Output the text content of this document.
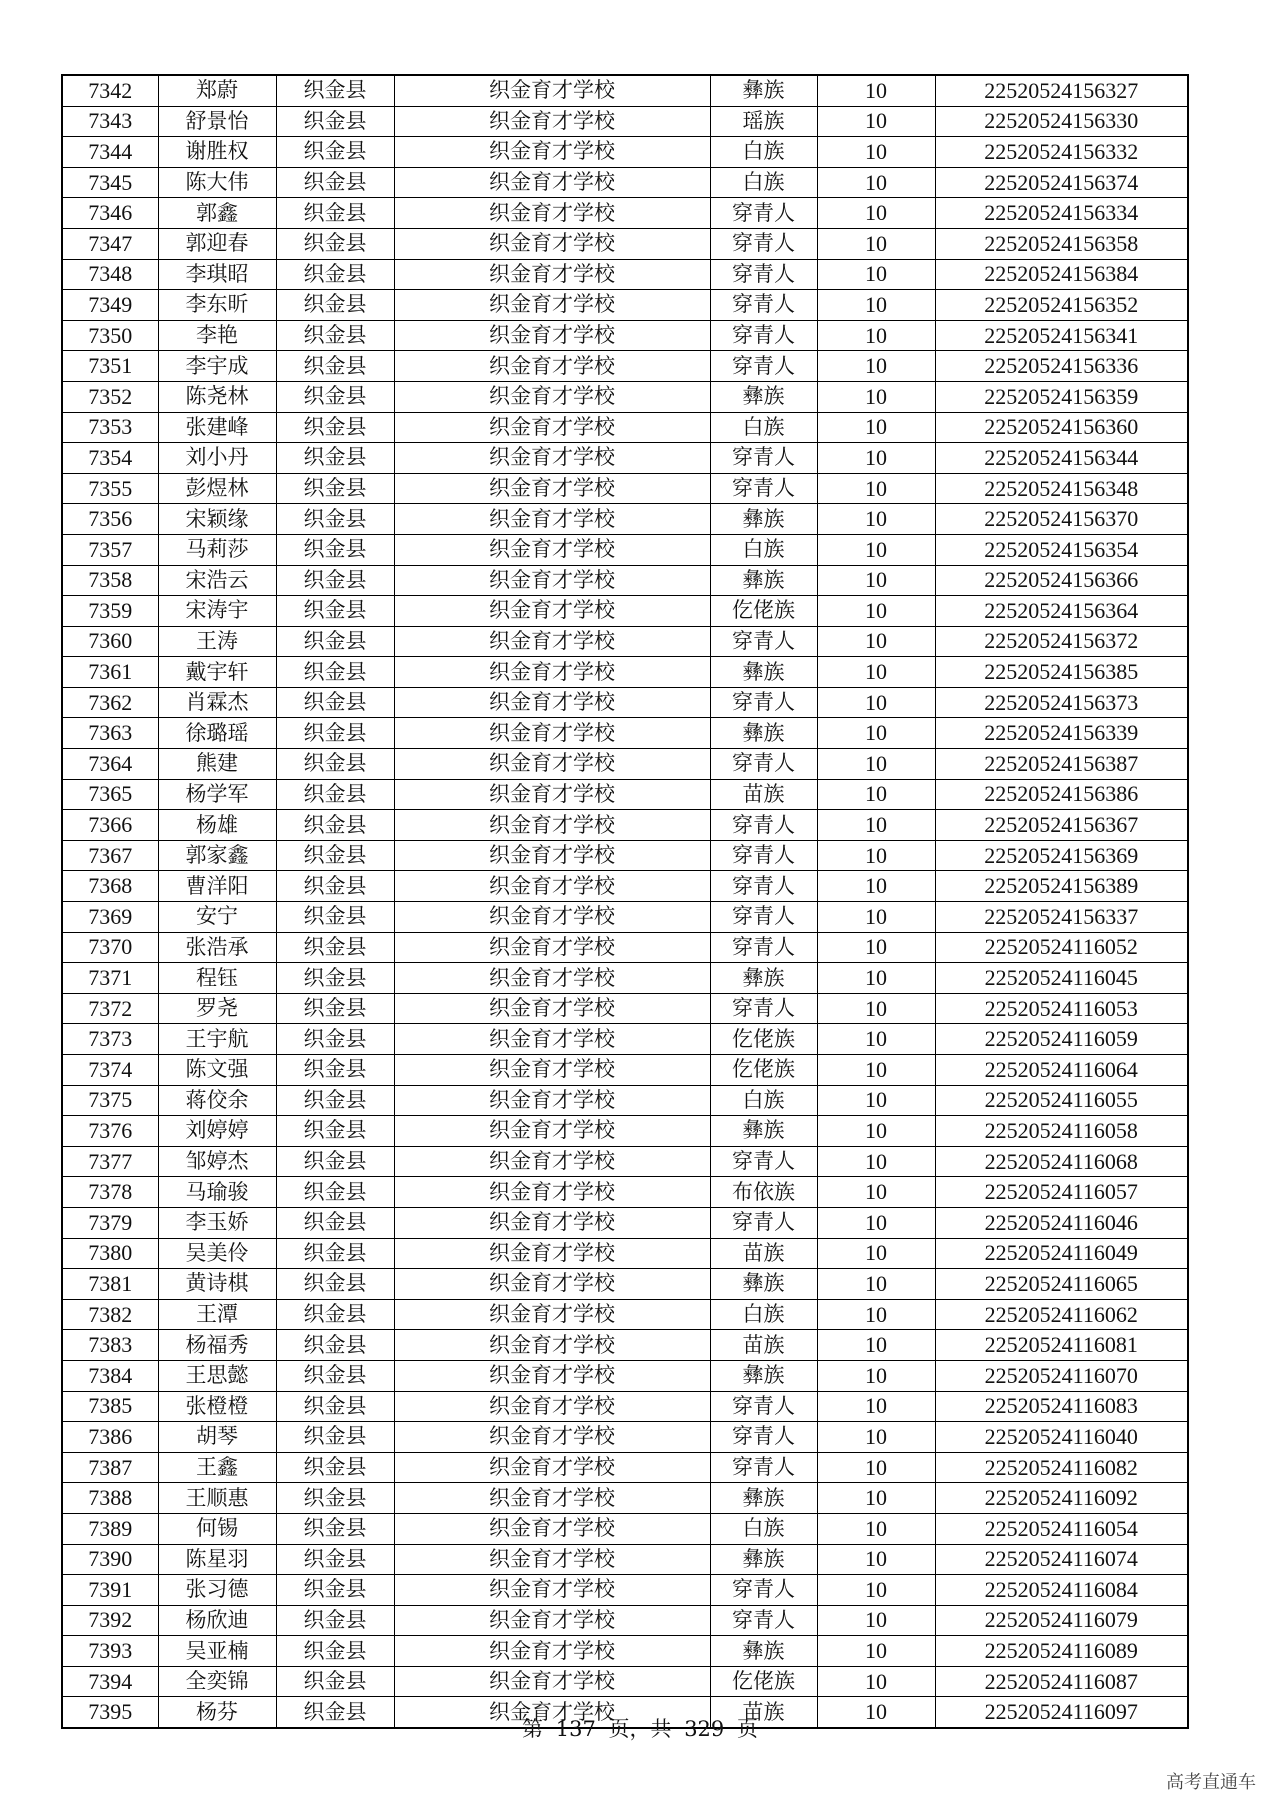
7342	郑蔚	织金县	织金育才学校	彝族	10	22520524156327
7343	舒景怡	织金县	织金育才学校	瑶族	10	22520524156330
7344	谢胜权	织金县	织金育才学校	白族	10	22520524156332
7345	陈大伟	织金县	织金育才学校	白族	10	22520524156374
7346	郭鑫	织金县	织金育才学校	穿青人	10	22520524156334
7347	郭迎春	织金县	织金育才学校	穿青人	10	22520524156358
7348	李琪昭	织金县	织金育才学校	穿青人	10	22520524156384
7349	李东昕	织金县	织金育才学校	穿青人	10	22520524156352
7350	李艳	织金县	织金育才学校	穿青人	10	22520524156341
7351	李宇成	织金县	织金育才学校	穿青人	10	22520524156336
7352	陈尧林	织金县	织金育才学校	彝族	10	22520524156359
7353	张建峰	织金县	织金育才学校	白族	10	22520524156360
7354	刘小丹	织金县	织金育才学校	穿青人	10	22520524156344
7355	彭煜林	织金县	织金育才学校	穿青人	10	22520524156348
7356	宋颖缘	织金县	织金育才学校	彝族	10	22520524156370
7357	马莉莎	织金县	织金育才学校	白族	10	22520524156354
7358	宋浩云	织金县	织金育才学校	彝族	10	22520524156366
7359	宋涛宇	织金县	织金育才学校	仡佬族	10	22520524156364
7360	王涛	织金县	织金育才学校	穿青人	10	22520524156372
7361	戴宇轩	织金县	织金育才学校	彝族	10	22520524156385
7362	肖霖杰	织金县	织金育才学校	穿青人	10	22520524156373
7363	徐璐瑶	织金县	织金育才学校	彝族	10	22520524156339
7364	熊建	织金县	织金育才学校	穿青人	10	22520524156387
7365	杨学军	织金县	织金育才学校	苗族	10	22520524156386
7366	杨雄	织金县	织金育才学校	穿青人	10	22520524156367
7367	郭家鑫	织金县	织金育才学校	穿青人	10	22520524156369
7368	曹洋阳	织金县	织金育才学校	穿青人	10	22520524156389
7369	安宁	织金县	织金育才学校	穿青人	10	22520524156337
7370	张浩承	织金县	织金育才学校	穿青人	10	22520524116052
7371	程钰	织金县	织金育才学校	彝族	10	22520524116045
7372	罗尧	织金县	织金育才学校	穿青人	10	22520524116053
7373	王宇航	织金县	织金育才学校	仡佬族	10	22520524116059
7374	陈文强	织金县	织金育才学校	仡佬族	10	22520524116064
7375	蒋佼余	织金县	织金育才学校	白族	10	22520524116055
7376	刘婷婷	织金县	织金育才学校	彝族	10	22520524116058
7377	邹婷杰	织金县	织金育才学校	穿青人	10	22520524116068
7378	马瑜骏	织金县	织金育才学校	布依族	10	22520524116057
7379	李玉娇	织金县	织金育才学校	穿青人	10	22520524116046
7380	吴美伶	织金县	织金育才学校	苗族	10	22520524116049
7381	黄诗棋	织金县	织金育才学校	彝族	10	22520524116065
7382	王潭	织金县	织金育才学校	白族	10	22520524116062
7383	杨福秀	织金县	织金育才学校	苗族	10	22520524116081
7384	王思懿	织金县	织金育才学校	彝族	10	22520524116070
7385	张橙橙	织金县	织金育才学校	穿青人	10	22520524116083
7386	胡琴	织金县	织金育才学校	穿青人	10	22520524116040
7387	王鑫	织金县	织金育才学校	穿青人	10	22520524116082
7388	王顺惠	织金县	织金育才学校	彝族	10	22520524116092
7389	何锡	织金县	织金育才学校	白族	10	22520524116054
7390	陈星羽	织金县	织金育才学校	彝族	10	22520524116074
7391	张习德	织金县	织金育才学校	穿青人	10	22520524116084
7392	杨欣迪	织金县	织金育才学校	穿青人	10	22520524116079
7393	吴亚楠	织金县	织金育才学校	彝族	10	22520524116089
7394	全奕锦	织金县	织金育才学校	仡佬族	10	22520524116087
7395	杨芬	织金县	织金育才学校	苗族	10	22520524116097
第 137 页，共 329 页
高考直通车
